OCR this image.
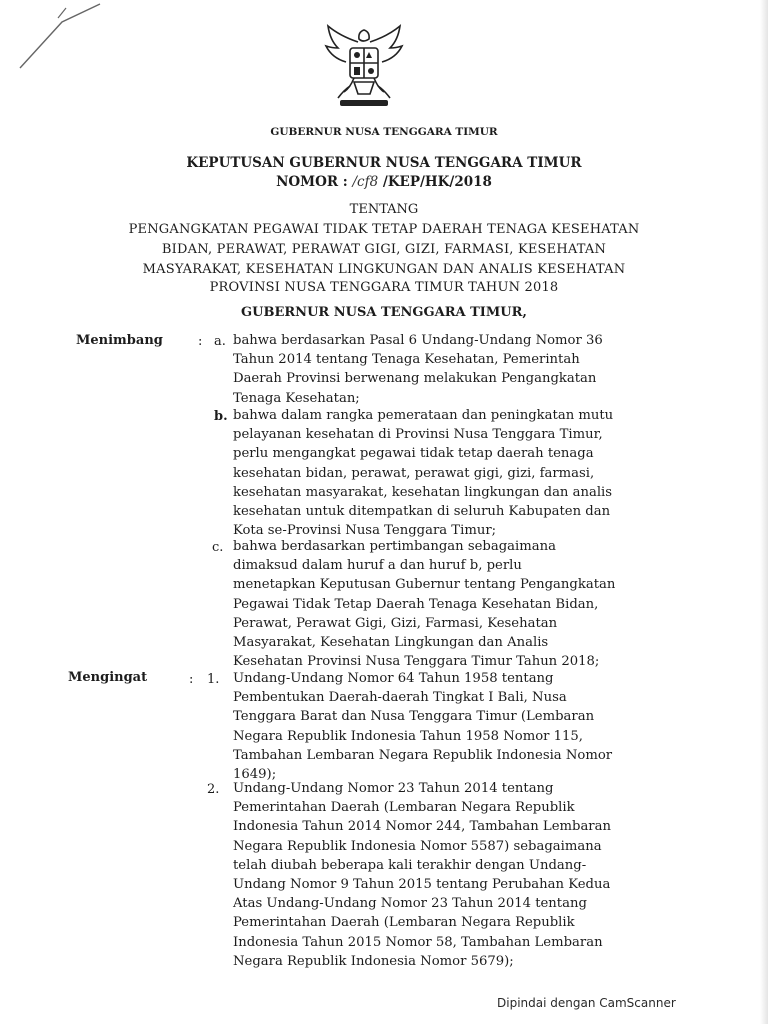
GUBERNUR NUSA TENGGARA TIMUR
KEPUTUSAN GUBERNUR NUSA TENGGARA TIMUR
NOMOR : /cf8 /KEP/HK/2018
TENTANG
PENGANGKATAN PEGAWAI TIDAK TETAP DAERAH TENAGA KESEHATAN
BIDAN, PERAWAT, PERAWAT GIGI, GIZI, FARMASI, KESEHATAN
MASYARAKAT, KESEHATAN LINGKUNGAN DAN ANALIS KESEHATAN
PROVINSI NUSA TENGGARA TIMUR TAHUN 2018
GUBERNUR NUSA TENGGARA TIMUR,
Menimbang	: a. bahwa berdasarkan Pasal 6 Undang-Undang Nomor 36

Tahun 2014 tentang Tenaga Kesehatan, Pemerintah

Daerah Provinsi berwenang melakukan Pengangkatan

Tenaga Kesehatan;

b. bahwa dalam rangka pemerataan dan peningkatan mutu

pelayanan kesehatan di Provinsi Nusa Tenggara Timur,

perlu mengangkat pegawai tidak tetap daerah tenaga

kesehatan bidan, perawat, perawat gigi, gizi, farmasi,

kesehatan masyarakat, kesehatan lingkungan dan analis

kesehatan untuk ditempatkan di seluruh Kabupaten dan

Kota se-Provinsi Nusa Tenggara Timur;

c. bahwa berdasarkan pertimbangan sebagaimana

dimaksud dalam huruf a dan huruf b, perlu

menetapkan Keputusan Gubernur tentang Pengangkatan

Pegawai Tidak Tetap Daerah Tenaga Kesehatan Bidan,

Perawat, Perawat Gigi, Gizi, Farmasi, Kesehatan

Masyarakat, Kesehatan Lingkungan dan Analis

Kesehatan Provinsi Nusa Tenggara Timur Tahun 2018;

Mengingat	: 1. Undang-Undang Nomor 64 Tahun 1958 tentang

Pembentukan Daerah-daerah Tingkat I Bali, Nusa

Tenggara Barat dan Nusa Tenggara Timur (Lembaran

Negara Republik Indonesia Tahun 1958 Nomor 115,

Tambahan Lembaran Negara Republik Indonesia Nomor

1649);

2. Undang-Undang Nomor 23 Tahun 2014 tentang

Pemerintahan Daerah (Lembaran Negara Republik

Indonesia Tahun 2014 Nomor 244, Tambahan Lembaran

Negara Republik Indonesia Nomor 5587) sebagaimana

telah diubah beberapa kali terakhir dengan Undang-

Undang Nomor 9 Tahun 2015 tentang Perubahan Kedua

Atas Undang-Undang Nomor 23 Tahun 2014 tentang

Pemerintahan Daerah (Lembaran Negara Republik

Indonesia Tahun 2015 Nomor 58, Tambahan Lembaran

Negara Republik Indonesia Nomor 5679);

Dipindai dengan CamScanner
